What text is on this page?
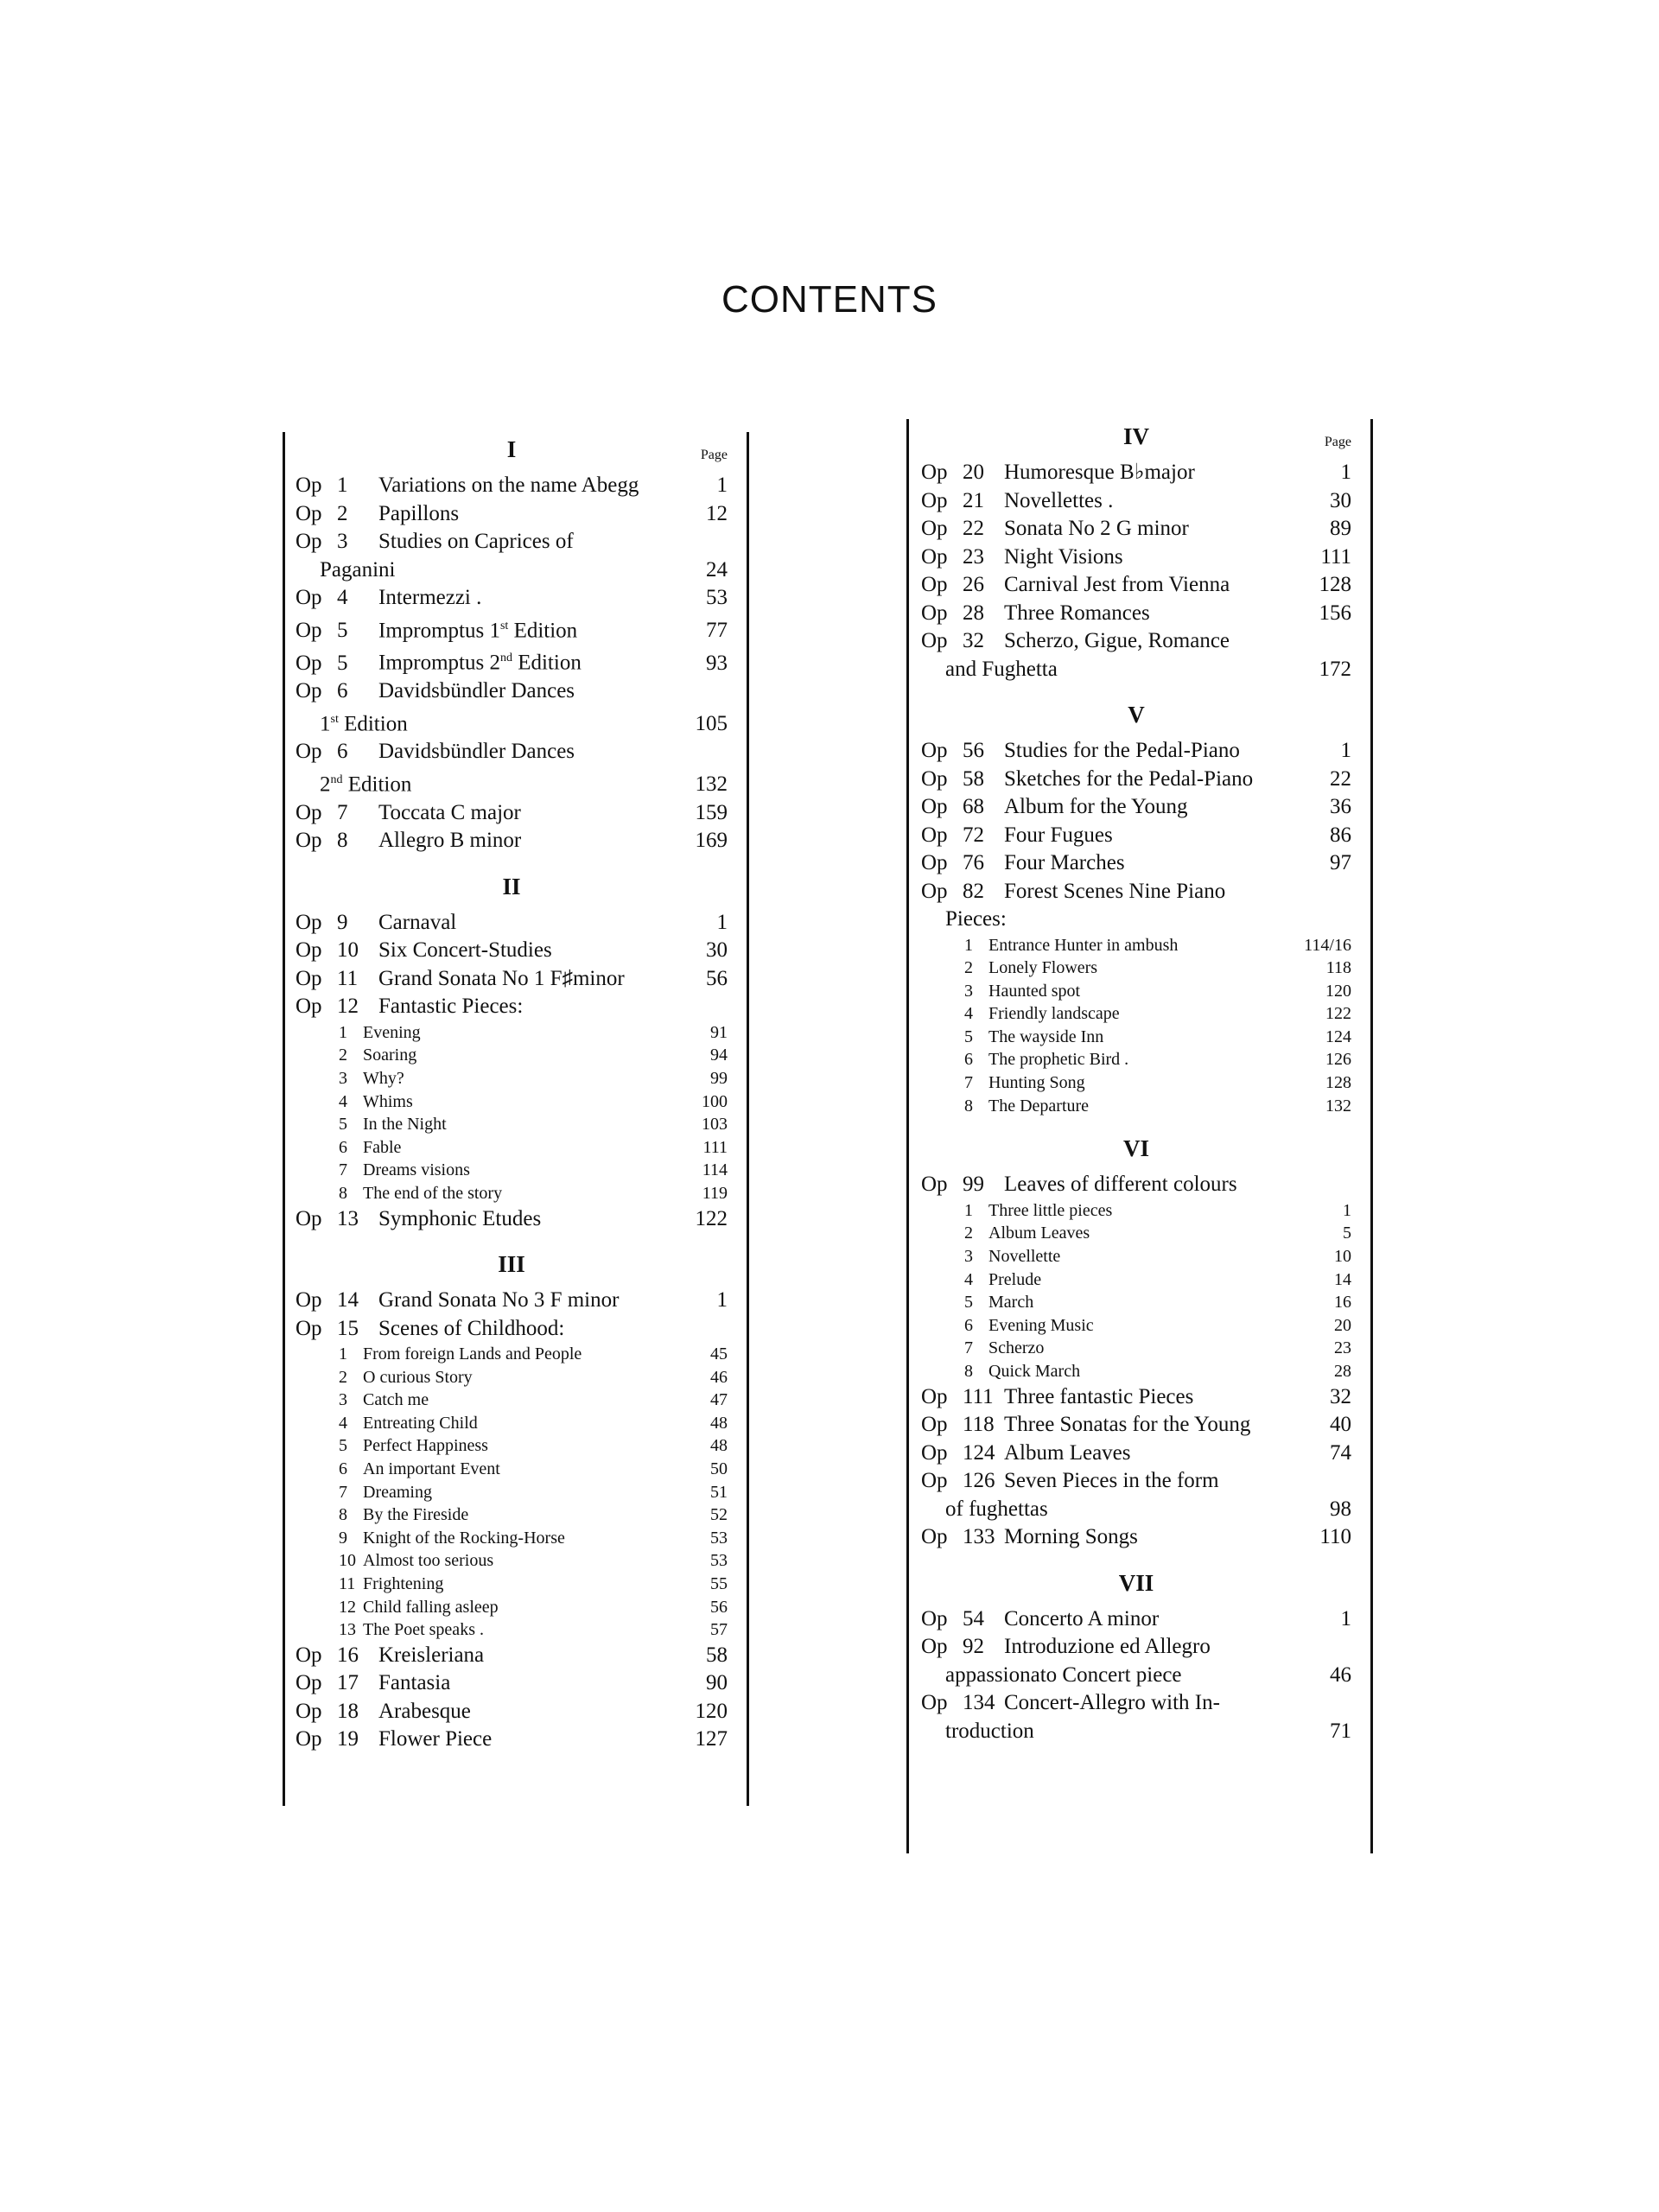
CONTENTS
I	Page
Op 1	Variations on the name Abegg	1
Op 2	Papillons	12
Op 3	Studies on Caprices of
Paganini	24
Op 4	Intermezzi .	53
Op 5	Impromptus 1st Edition	77
Op 5	Impromptus 2nd Edition	93
Op 6	Davidsbündler Dances
1st Edition	105
Op 6	Davidsbündler Dances
2nd Edition	132
Op 7	Toccata C major	159
Op 8	Allegro B minor	169
II
Op 9	Carnaval	1
Op 10 Six Concert-Studies	30
Op 11 Grand Sonata No 1 F♯minor	56
Op 12 Fantastic Pieces:
1 Evening	91
2 Soaring	94
3 Why?	99
4 Whims	100
5 In the Night	103
6 Fable	111
7 Dreams visions	114
8 The end of the story	119
Op 13 Symphonic Etudes	122
III
Op 14 Grand Sonata No 3 F minor	1
Op 15 Scenes of Childhood:
1 From foreign Lands and People	45
2 O curious Story	46
3 Catch me	47
4 Entreating Child	48
5 Perfect Happiness	48
6 An important Event	50
7 Dreaming	51
8 By the Fireside	52
9 Knight of the Rocking-Horse	53
10 Almost too serious	53
11 Frightening	55
12 Child falling asleep	56
13 The Poet speaks .	57
Op 16 Kreisleriana	58
Op 17 Fantasia	90
Op 18 Arabesque	120
Op 19 Flower Piece	127
IV	Page
Op 20 Humoresque B♭major	1
Op 21 Novellettes .	30
Op 22 Sonata No 2 G minor	89
Op 23 Night Visions	111
Op 26 Carnival Jest from Vienna	128
Op 28 Three Romances	156
Op 32 Scherzo, Gigue, Romance
and Fughetta	172
V
Op 56 Studies for the Pedal-Piano	1
Op 58 Sketches for the Pedal-Piano	22
Op 68 Album for the Young	36
Op 72 Four Fugues	86
Op 76 Four Marches	97
Op 82 Forest Scenes Nine Piano
Pieces:
1 Entrance Hunter in ambush	114/16
2 Lonely Flowers	118
3 Haunted spot	120
4 Friendly landscape	122
5 The wayside Inn	124
6 The prophetic Bird .	126
7 Hunting Song	128
8 The Departure	132
VI
Op 99 Leaves of different colours
1 Three little pieces	1
2 Album Leaves	5
3 Novellette	10
4 Prelude	14
5 March	16
6 Evening Music	20
7 Scherzo	23
8 Quick March	28
Op 111 Three fantastic Pieces	32
Op 118 Three Sonatas for the Young	40
Op 124 Album Leaves	74
Op 126 Seven Pieces in the form
of fughettas	98
Op 133 Morning Songs	110
VII
Op 54 Concerto A minor	1
Op 92 Introduzione ed Allegro
appassionato Concert piece	46
Op 134 Concert-Allegro with In-
troduction	71
